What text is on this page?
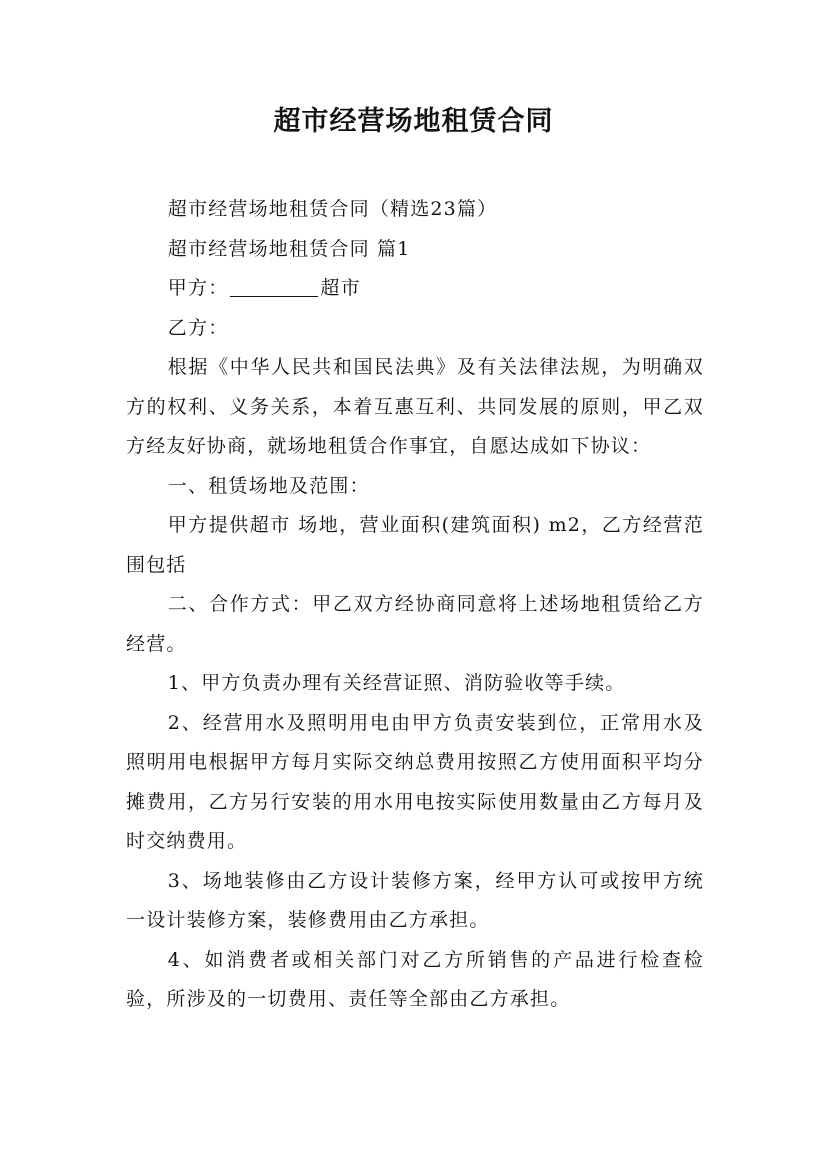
超市经营场地租赁合同

超市经营场地租赁合同（精选23篇）

超市经营场地租赁合同 篇1

甲方：	超市

乙方：

根据《中华人民共和国民法典》及有关法律法规，为明确双方的权利、义务关系，本着互惠互利、共同发展的原则，甲乙双方经友好协商，就场地租赁合作事宜，自愿达成如下协议：

一、租赁场地及范围：

甲方提供超市 场地，营业面积(建筑面积) m2，乙方经营范围包括

二、合作方式：甲乙双方经协商同意将上述场地租赁给乙方经营。

1、甲方负责办理有关经营证照、消防验收等手续。

2、经营用水及照明用电由甲方负责安装到位，正常用水及照明用电根据甲方每月实际交纳总费用按照乙方使用面积平均分摊费用，乙方另行安装的用水用电按实际使用数量由乙方每月及时交纳费用。

3、场地装修由乙方设计装修方案，经甲方认可或按甲方统一设计装修方案，装修费用由乙方承担。

4、如消费者或相关部门对乙方所销售的产品进行检查检验，所涉及的一切费用、责任等全部由乙方承担。
